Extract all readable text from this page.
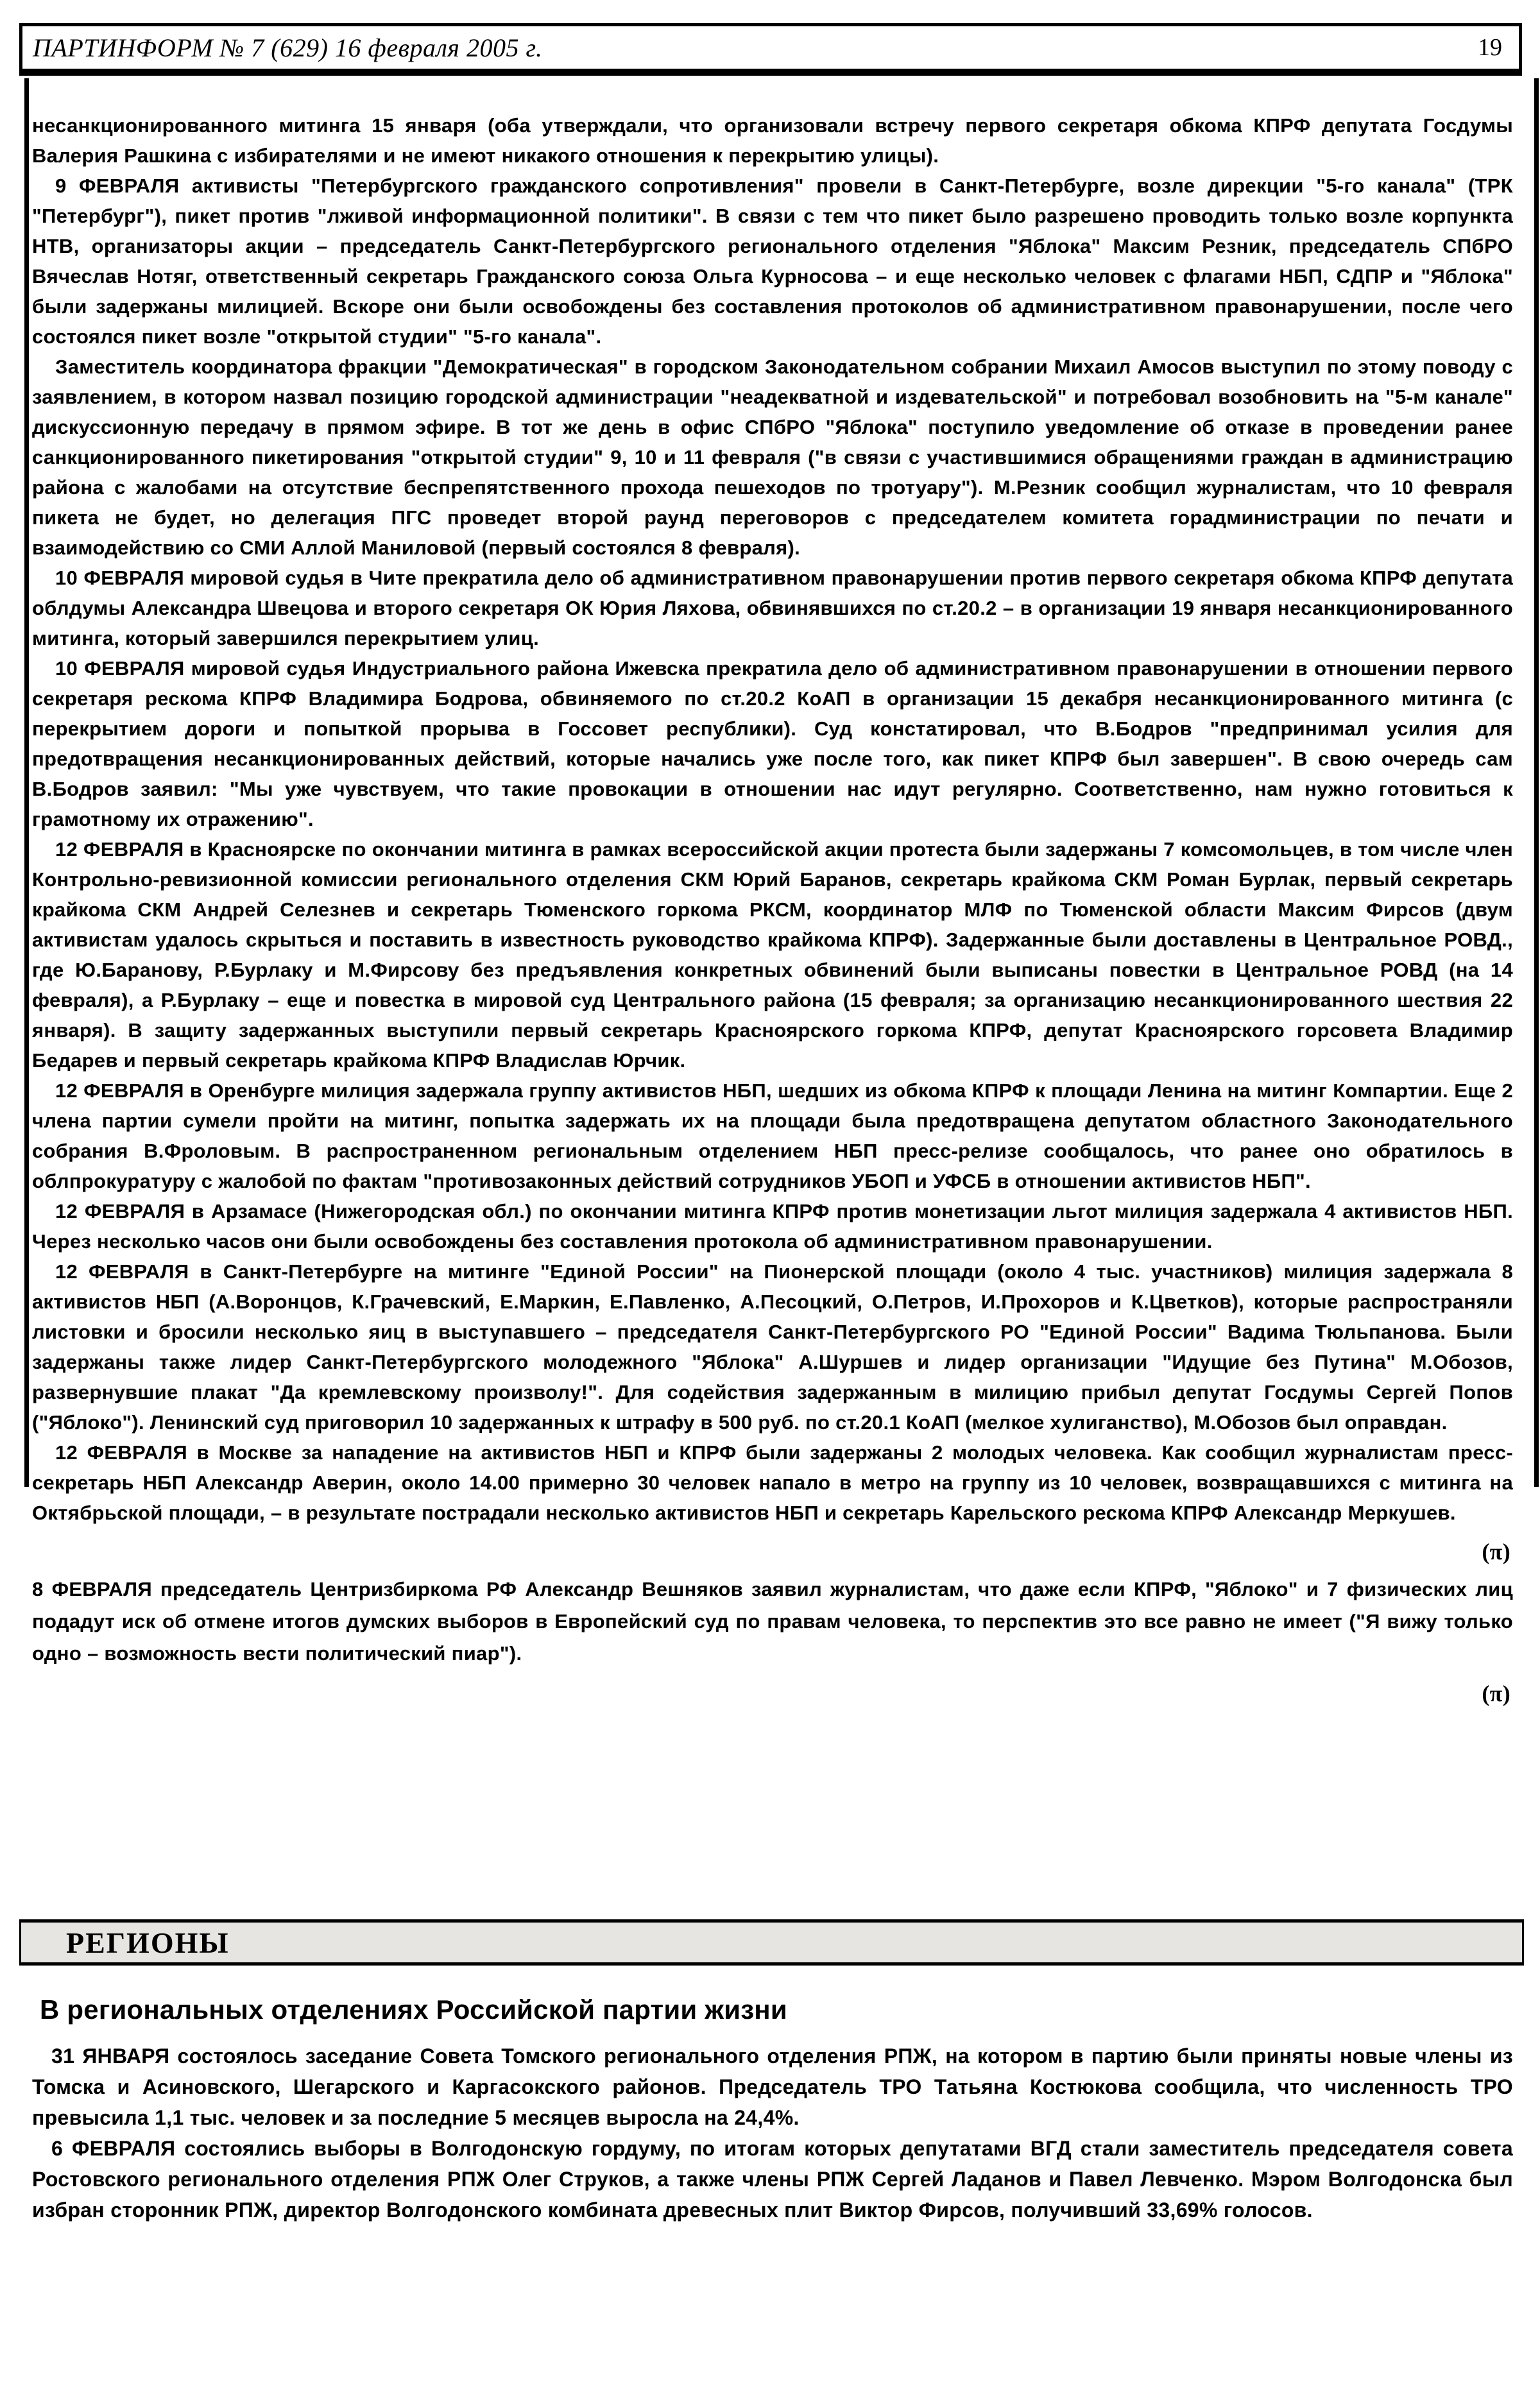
ПАРТИНФОРМ № 7 (629) 16 февраля 2005 г.	19

несанкционированного митинга 15 января (оба утверждали, что организовали встречу первого секретаря обкома КПРФ депутата Госдумы Валерия Рашкина с избирателями и не имеют никакого отношения к перекрытию улицы).

9 ФЕВРАЛЯ активисты "Петербургского гражданского сопротивления" провели в Санкт-Петербурге, возле дирекции "5-го канала" (ТРК "Петербург"), пикет против "лживой информационной политики". В связи с тем что пикет было разрешено проводить только возле корпункта НТВ, организаторы акции – председатель Санкт-Петербургского регионального отделения "Яблока" Максим Резник, председатель СПбРО Вячеслав Нотяг, ответственный секретарь Гражданского союза Ольга Курносова – и еще несколько человек с флагами НБП, СДПР и "Яблока" были задержаны милицией. Вскоре они были освобождены без составления протоколов об административном правонарушении, после чего состоялся пикет возле "открытой студии" "5-го канала".

Заместитель координатора фракции "Демократическая" в городском Законодательном собрании Михаил Амосов выступил по этому поводу с заявлением, в котором назвал позицию городской администрации "неадекватной и издевательской" и потребовал возобновить на "5-м канале" дискуссионную передачу в прямом эфире. В тот же день в офис СПбРО "Яблока" поступило уведомление об отказе в проведении ранее санкционированного пикетирования "открытой студии" 9, 10 и 11 февраля ("в связи с участившимися обращениями граждан в администрацию района с жалобами на отсутствие беспрепятственного прохода пешеходов по тротуару"). М.Резник сообщил журналистам, что 10 февраля пикета не будет, но делегация ПГС проведет второй раунд переговоров с председателем комитета горадминистрации по печати и взаимодействию со СМИ Аллой Маниловой (первый состоялся 8 февраля).

10 ФЕВРАЛЯ мировой судья в Чите прекратила дело об административном правонарушении против первого секретаря обкома КПРФ депутата облдумы Александра Швецова и второго секретаря ОК Юрия Ляхова, обвинявшихся по ст.20.2 – в организации 19 января несанкционированного митинга, который завершился перекрытием улиц.

10 ФЕВРАЛЯ мировой судья Индустриального района Ижевска прекратила дело об административном правонарушении в отношении первого секретаря рескома КПРФ Владимира Бодрова, обвиняемого по ст.20.2 КоАП в организации 15 декабря несанкционированного митинга (с перекрытием дороги и попыткой прорыва в Госсовет республики). Суд констатировал, что В.Бодров "предпринимал усилия для предотвращения несанкционированных действий, которые начались уже после того, как пикет КПРФ был завершен". В свою очередь сам В.Бодров заявил: "Мы уже чувствуем, что такие провокации в отношении нас идут регулярно. Соответственно, нам нужно готовиться к грамотному их отражению".

12 ФЕВРАЛЯ в Красноярске по окончании митинга в рамках всероссийской акции протеста были задержаны 7 комсомольцев, в том числе член Контрольно-ревизионной комиссии регионального отделения СКМ Юрий Баранов, секретарь крайкома СКМ Роман Бурлак, первый секретарь крайкома СКМ Андрей Селезнев и секретарь Тюменского горкома РКСМ, координатор МЛФ по Тюменской области Максим Фирсов (двум активистам удалось скрыться и поставить в известность руководство крайкома КПРФ). Задержанные были доставлены в Центральное РОВД., где Ю.Баранову, Р.Бурлаку и М.Фирсову без предъявления конкретных обвинений были выписаны повестки в Центральное РОВД (на 14 февраля), а Р.Бурлаку – еще и повестка в мировой суд Центрального района (15 февраля; за организацию несанкционированного шествия 22 января). В защиту задержанных выступили первый секретарь Красноярского горкома КПРФ, депутат Красноярского горсовета Владимир Бедарев и первый секретарь крайкома КПРФ Владислав Юрчик.

12 ФЕВРАЛЯ в Оренбурге милиция задержала группу активистов НБП, шедших из обкома КПРФ к площади Ленина на митинг Компартии. Еще 2 члена партии сумели пройти на митинг, попытка задержать их на площади была предотвращена депутатом областного Законодательного собрания В.Фроловым. В распространенном региональным отделением НБП пресс-релизе сообщалось, что ранее оно обратилось в облпрокуратуру с жалобой по фактам "противозаконных действий сотрудников УБОП и УФСБ в отношении активистов НБП".

12 ФЕВРАЛЯ в Арзамасе (Нижегородская обл.) по окончании митинга КПРФ против монетизации льгот милиция задержала 4 активистов НБП. Через несколько часов они были освобождены без составления протокола об административном правонарушении.

12 ФЕВРАЛЯ в Санкт-Петербурге на митинге "Единой России" на Пионерской площади (около 4 тыс. участников) милиция задержала 8 активистов НБП (А.Воронцов, К.Грачевский, Е.Маркин, Е.Павленко, А.Песоцкий, О.Петров, И.Прохоров и К.Цветков), которые распространяли листовки и бросили несколько яиц в выступавшего – председателя Санкт-Петербургского РО "Единой России" Вадима Тюльпанова. Были задержаны также лидер Санкт-Петербургского молодежного "Яблока" А.Шуршев и лидер организации "Идущие без Путина" М.Обозов, развернувшие плакат "Да кремлевскому произволу!". Для содействия задержанным в милицию прибыл депутат Госдумы Сергей Попов ("Яблоко"). Ленинский суд приговорил 10 задержанных к штрафу в 500 руб. по ст.20.1 КоАП (мелкое хулиганство), М.Обозов был оправдан.

12 ФЕВРАЛЯ в Москве за нападение на активистов НБП и КПРФ были задержаны 2 молодых человека. Как сообщил журналистам пресс-секретарь НБП Александр Аверин, около 14.00 примерно 30 человек напало в метро на группу из 10 человек, возвращавшихся с митинга на Октябрьской площади, – в результате пострадали несколько активистов НБП и секретарь Карельского рескома КПРФ Александр Меркушев.

(π)

8 ФЕВРАЛЯ председатель Центризбиркома РФ Александр Вешняков заявил журналистам, что даже если КПРФ, "Яблоко" и 7 физических лиц подадут иск об отмене итогов думских выборов в Европейский суд по правам человека, то перспектив это все равно не имеет ("Я вижу только одно – возможность вести политический пиар").

(π)

РЕГИОНЫ
В региональных отделениях Российской партии жизни

31 ЯНВАРЯ состоялось заседание Совета Томского регионального отделения РПЖ, на котором в партию были приняты новые члены из Томска и Асиновского, Шегарского и Каргасокского районов. Председатель ТРО Татьяна Костюкова сообщила, что численность ТРО превысила 1,1 тыс. человек и за последние 5 месяцев выросла на 24,4%.

6 ФЕВРАЛЯ состоялись выборы в Волгодонскую гордуму, по итогам которых депутатами ВГД стали заместитель председателя совета Ростовского регионального отделения РПЖ Олег Струков, а также члены РПЖ Сергей Ладанов и Павел Левченко. Мэром Волгодонска был избран сторонник РПЖ, директор Волгодонского комбината древесных плит Виктор Фирсов, получивший 33,69% голосов.
